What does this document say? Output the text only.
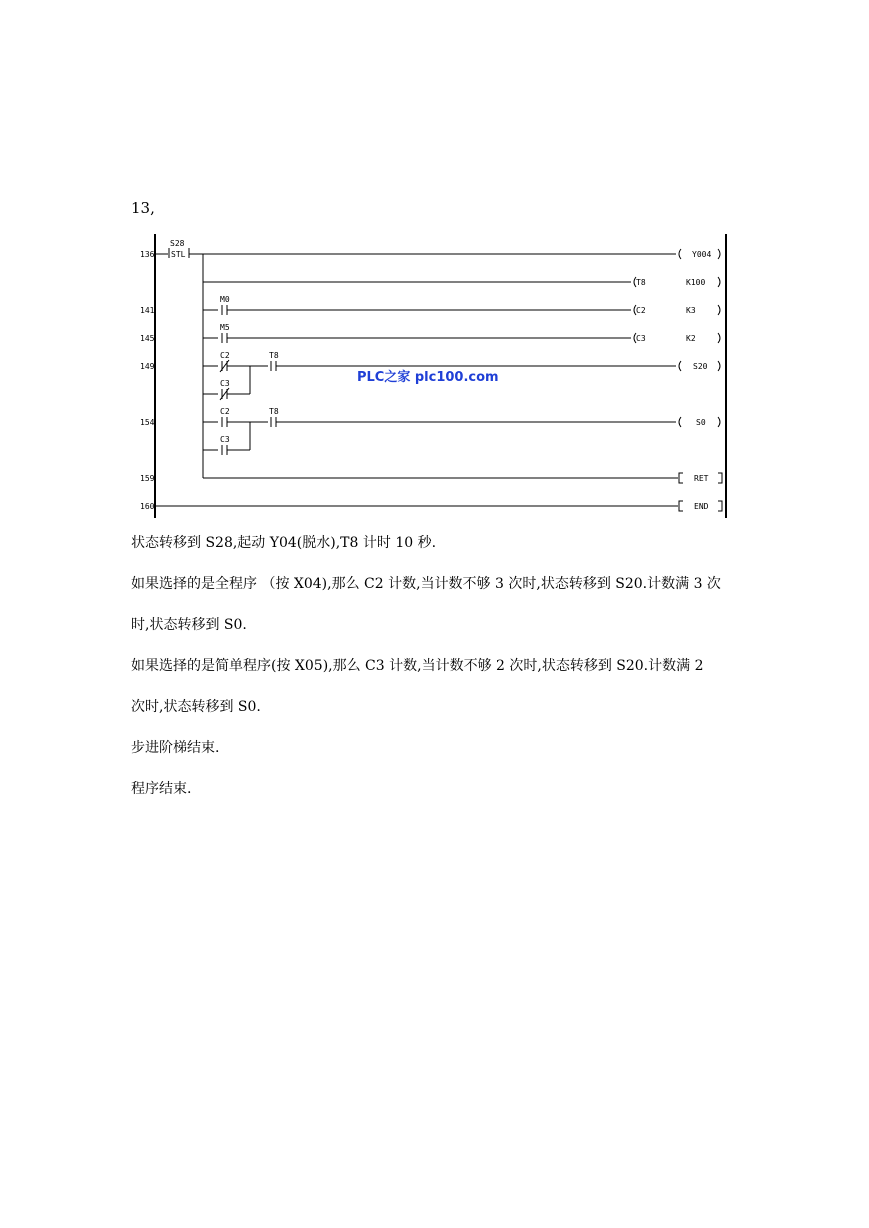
13,
136
141
145
149
154
159
160
S28
STL	Y004
T8	K100
M0
C2	K3
M5
C3	K2
C2	T8
S20
C3	PLC之家 plc100.com
C2	T8
S0
C3
RET
END
状态转移到 S28,起动 Y04(脱水),T8 计时 10 秒.
如果选择的是全程序 （按 X04),那么 C2 计数,当计数不够 3 次时,状态转移到 S20.计数满 3 次
时,状态转移到 S0.
如果选择的是简单程序(按 X05),那么 C3 计数,当计数不够 2 次时,状态转移到 S20.计数满 2
次时,状态转移到 S0.
步进阶梯结束.
程序结束.
